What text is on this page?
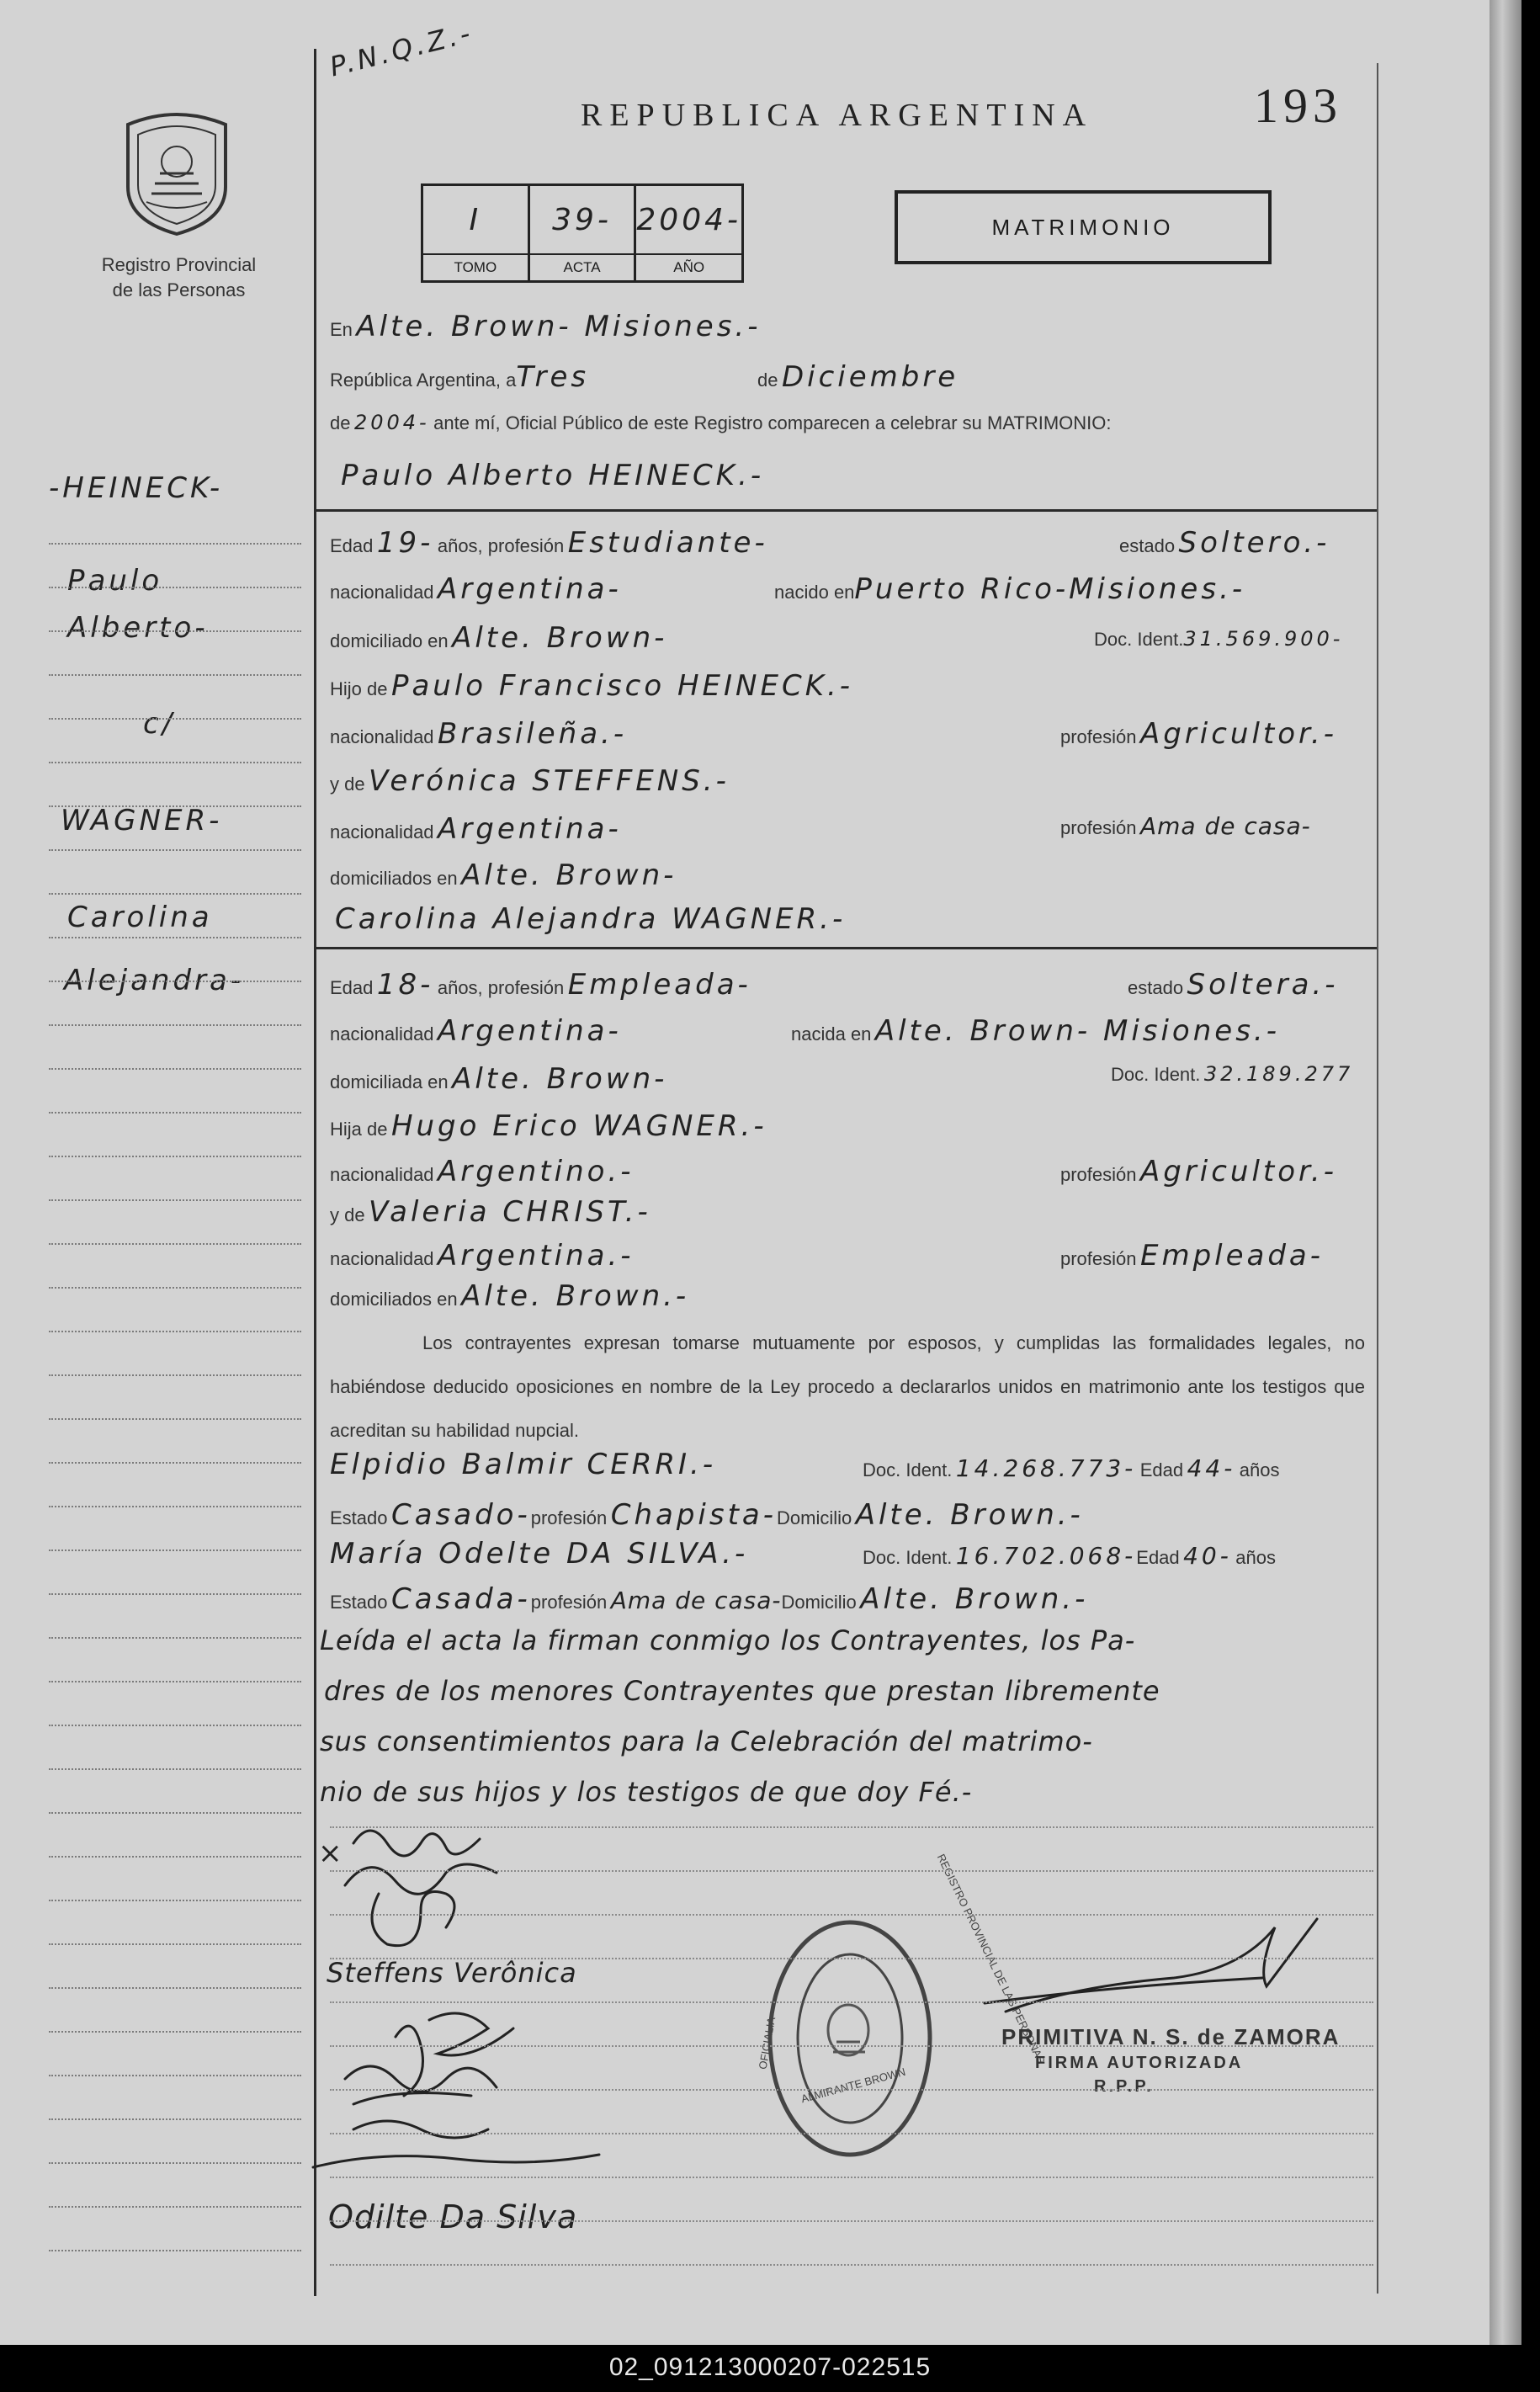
P.N.Q.Z.-
REPUBLICA ARGENTINA	193
Registro Provincial
de las Personas
I
TOMO
39-
ACTA
2004-
AÑO
MATRIMONIO
-HEINECK-
Paulo
Alberto-
c/
WAGNER-
Carolina
Alejandra-
En Alte. Brown- Misiones.-
República Argentina, aTres	de Diciembre
de 2004- ante mí, Oficial Público de este Registro comparecen a celebrar su MATRIMONIO:
Paulo Alberto HEINECK.-
Edad 19- años, profesión Estudiante-	estado Soltero.-
nacionalidad Argentina-	nacido enPuerto Rico-Misiones.-
domiciliado en Alte. Brown-	Doc. Ident.31.569.900-
Hijo de Paulo Francisco HEINECK.-
nacionalidad Brasileña.-	profesión Agricultor.-
y de Verónica STEFFENS.-
nacionalidad Argentina-	profesión Ama de casa-
domiciliados en Alte. Brown-
Carolina Alejandra WAGNER.-
Edad 18- años, profesión Empleada-	estado Soltera.-
nacionalidad Argentina-	nacida en Alte. Brown- Misiones.-
domiciliada en Alte. Brown-	Doc. Ident. 32.189.277
Hija de Hugo Erico WAGNER.-
nacionalidad Argentino.-	profesión Agricultor.-
y de Valeria CHRIST.-
nacionalidad Argentina.-	profesión Empleada-
domiciliados en Alte. Brown.-
Los contrayentes expresan tomarse mutuamente por esposos, y cumplidas las formalidades legales, no habiéndose deducido oposiciones en nombre de la Ley procedo a declararlos unidos en matrimonio ante los testigos que acreditan su habilidad nupcial.
Elpidio Balmir CERRI.-	Doc. Ident. 14.268.773- Edad 44- años
Estado Casado-profesión Chapista-Domicilio Alte. Brown.-
María Odelte DA SILVA.-	Doc. Ident. 16.702.068-Edad 40- años
Estado Casada-profesión Ama de casa-Domicilio Alte. Brown.-
Leída el acta la firman conmigo los Contrayentes, los Pa-
dres de los menores Contrayentes que prestan libremente
sus consentimientos para la Celebración del matrimo-
nio de sus hijos y los testigos de que doy Fé.-
×
Steffens Verônica
Odilte Da Silva
REGISTRO PROVINCIAL DE LAS PERSONAS
OFICIALIA
ALMIRANTE BROWN
PRIMITIVA N. S. de ZAMORA
FIRMA AUTORIZADA
R.P.P.
02_091213000207-022515
